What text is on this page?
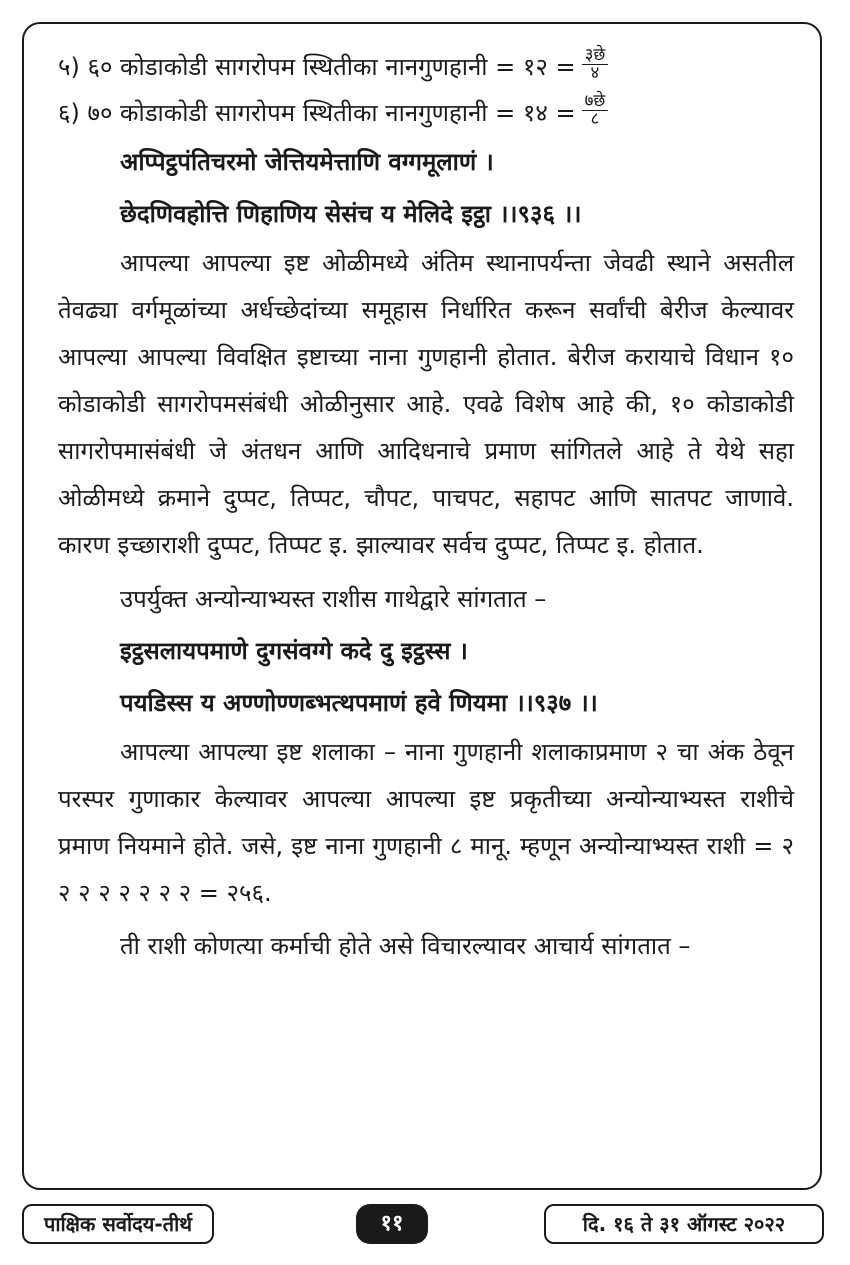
५) ६० कोडाकोडी सागरोपम स्थितीका नानगुणहानी = १२ = $\frac{\text{३छे}}{४}$
६) ७० कोडाकोडी सागरोपम स्थितीका नानगुणहानी = १४ = $\frac{\text{७छे}}{८}$
अप्पिट्ठपंतिचरमो जेत्तियमेत्ताणि वग्गमूलाणं ।
छेदणिवहोत्ति णिहाणिय सेसंच य मेलिदे इट्ठा ।।९३६ ।।

आपल्या आपल्या इष्ट ओळीमध्ये अंतिम स्थानापर्यन्ता जेवढी स्थाने असतील तेवढ्या वर्गमूळांच्या अर्धच्छेदांच्या समूहास निर्धारित करून सर्वांची बेरीज केल्यावर आपल्या आपल्या विवक्षित इष्टाच्या नाना गुणहानी होतात. बेरीज करायाचे विधान १० कोडाकोडी सागरोपमसंबंधी ओळीनुसार आहे. एवढे विशेष आहे की, १० कोडाकोडी सागरोपमासंबंधी जे अंतधन आणि आदिधनाचे प्रमाण सांगितले आहे ते येथे सहा ओळीमध्ये क्रमाने दुप्पट, तिप्पट, चौपट, पाचपट, सहापट आणि सातपट जाणावे. कारण इच्छाराशी दुप्पट, तिप्पट इ. झाल्यावर सर्वच दुप्पट, तिप्पट इ. होतात.

उपर्युक्त अन्योन्याभ्यस्त राशीस गाथेद्वारे सांगतात –
इट्ठसलायपमाणे दुगसंवग्गे कदे दु इट्ठस्स ।
पयडिस्स य अण्णोण्णब्भत्थपमाणं हवे णियमा ।।९३७ ।।

आपल्या आपल्या इष्ट शलाका – नाना गुणहानी शलाकाप्रमाण २ चा अंक ठेवून परस्पर गुणाकार केल्यावर आपल्या आपल्या इष्ट प्रकृतीच्या अन्योन्याभ्यस्त राशीचे प्रमाण नियमाने होते. जसे, इष्ट नाना गुणहानी ८ मानू. म्हणून अन्योन्याभ्यस्त राशी = २ २ २ २ २ २ २ २ = २५६.

ती राशी कोणत्या कर्माची होते असे विचारल्यावर आचार्य सांगतात –

पाक्षिक सर्वोदय-तीर्थ	११	दि. १६ ते ३१ ऑगस्ट २०२२
